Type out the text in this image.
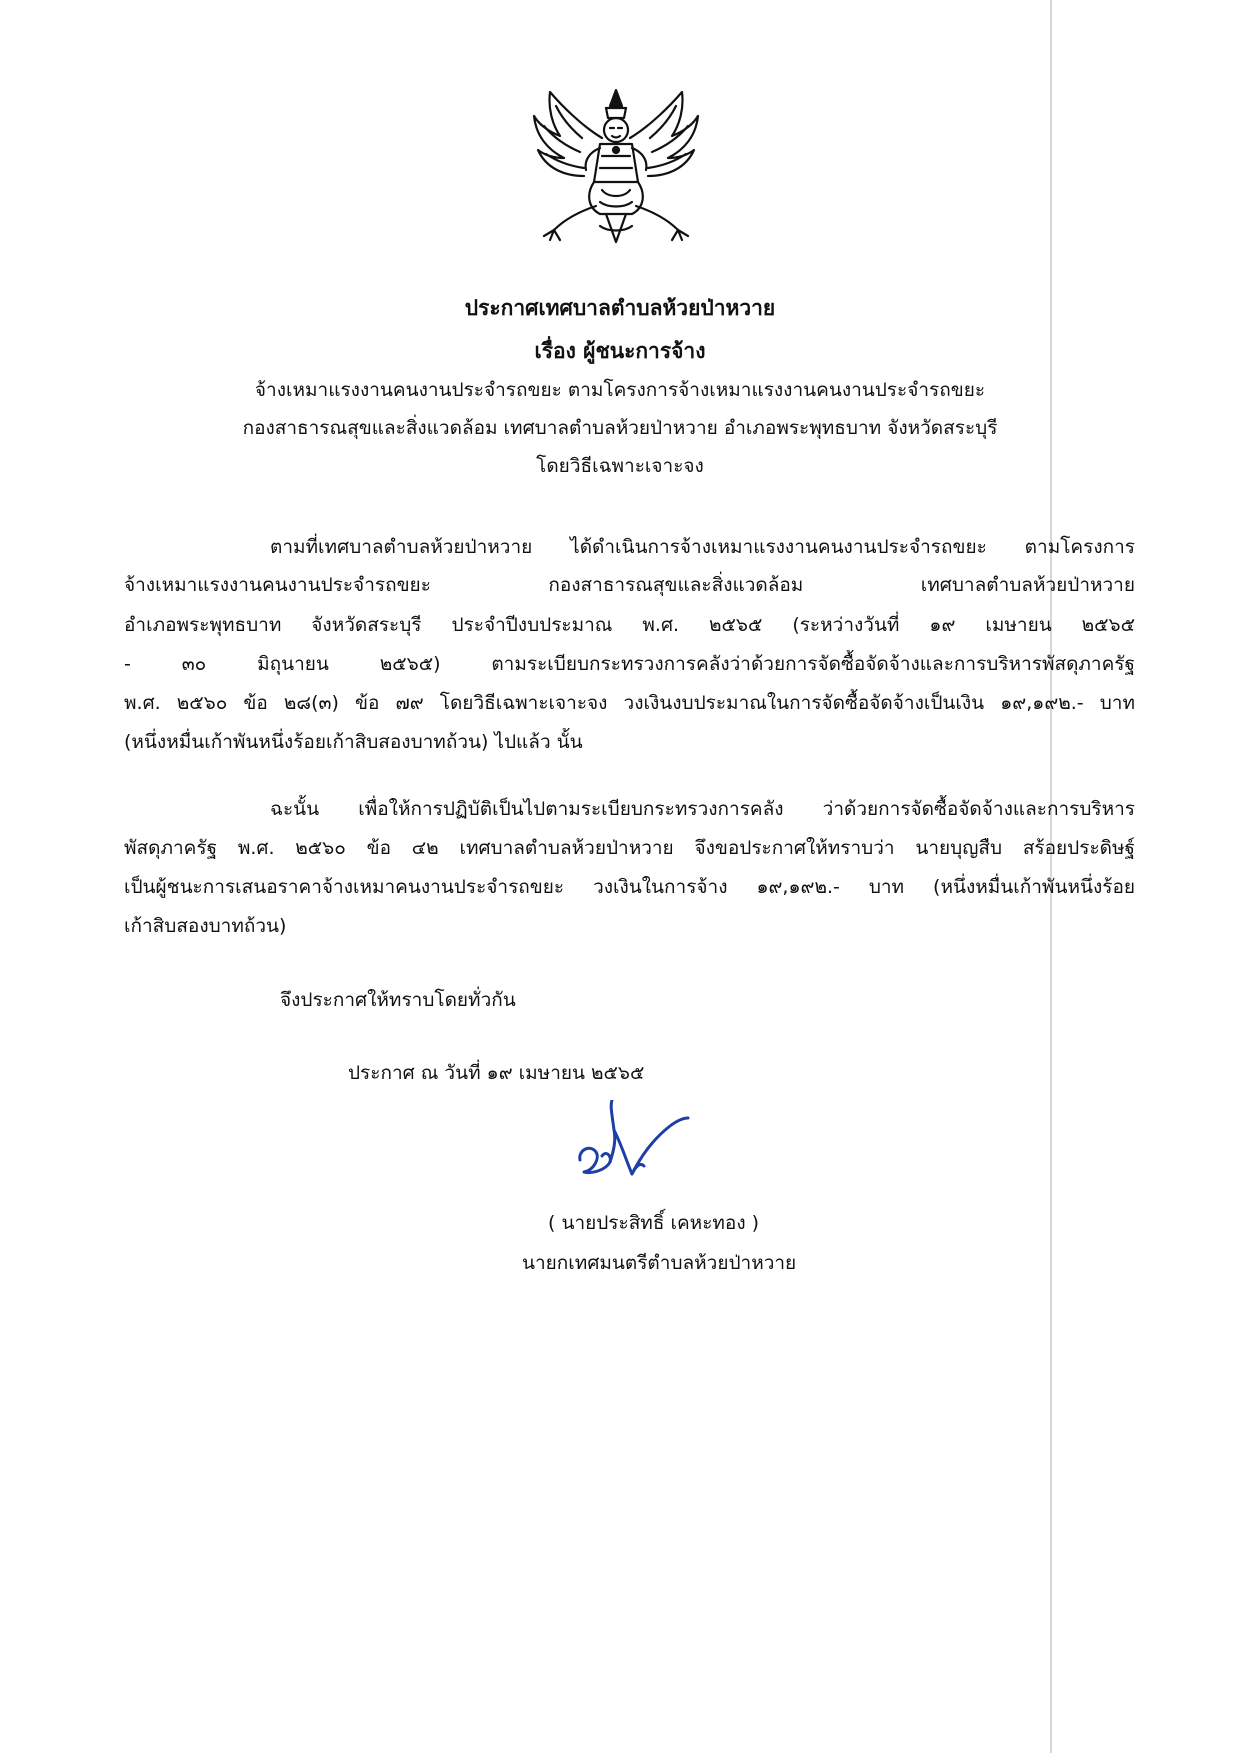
ประกาศเทศบาลตำบลห้วยป่าหวาย
เรื่อง ผู้ชนะการจ้าง
จ้างเหมาแรงงานคนงานประจำรถขยะ ตามโครงการจ้างเหมาแรงงานคนงานประจำรถขยะ
กองสาธารณสุขและสิ่งแวดล้อม เทศบาลตำบลห้วยป่าหวาย อำเภอพระพุทธบาท จังหวัดสระบุรี
โดยวิธีเฉพาะเจาะจง
ตามที่เทศบาลตำบลห้วยป่าหวาย ได้ดำเนินการจ้างเหมาแรงงานคนงานประจำรถขยะ ตามโครงการ
จ้างเหมาแรงงานคนงานประจำรถขยะ กองสาธารณสุขและสิ่งแวดล้อม เทศบาลตำบลห้วยป่าหวาย
อำเภอพระพุทธบาท จังหวัดสระบุรี ประจำปีงบประมาณ พ.ศ. ๒๕๖๕ (ระหว่างวันที่ ๑๙ เมษายน ๒๕๖๕
- ๓๐ มิถุนายน ๒๕๖๕) ตามระเบียบกระทรวงการคลังว่าด้วยการจัดซื้อจัดจ้างและการบริหารพัสดุภาครัฐ
พ.ศ. ๒๕๖๐ ข้อ ๒๘(๓) ข้อ ๗๙ โดยวิธีเฉพาะเจาะจง วงเงินงบประมาณในการจัดซื้อจัดจ้างเป็นเงิน ๑๙,๑๙๒.- บาท
(หนึ่งหมื่นเก้าพันหนึ่งร้อยเก้าสิบสองบาทถ้วน) ไปแล้ว นั้น
ฉะนั้น เพื่อให้การปฏิบัติเป็นไปตามระเบียบกระทรวงการคลัง ว่าด้วยการจัดซื้อจัดจ้างและการบริหาร
พัสดุภาครัฐ พ.ศ. ๒๕๖๐ ข้อ ๔๒ เทศบาลตำบลห้วยป่าหวาย จึงขอประกาศให้ทราบว่า นายบุญสืบ สร้อยประดิษฐ์
เป็นผู้ชนะการเสนอราคาจ้างเหมาคนงานประจำรถขยะ วงเงินในการจ้าง ๑๙,๑๙๒.- บาท (หนึ่งหมื่นเก้าพันหนึ่งร้อย
เก้าสิบสองบาทถ้วน)
จึงประกาศให้ทราบโดยทั่วกัน
ประกาศ ณ วันที่ ๑๙ เมษายน ๒๕๖๕
( นายประสิทธิ์ เคหะทอง )
นายกเทศมนตรีตำบลห้วยป่าหวาย
